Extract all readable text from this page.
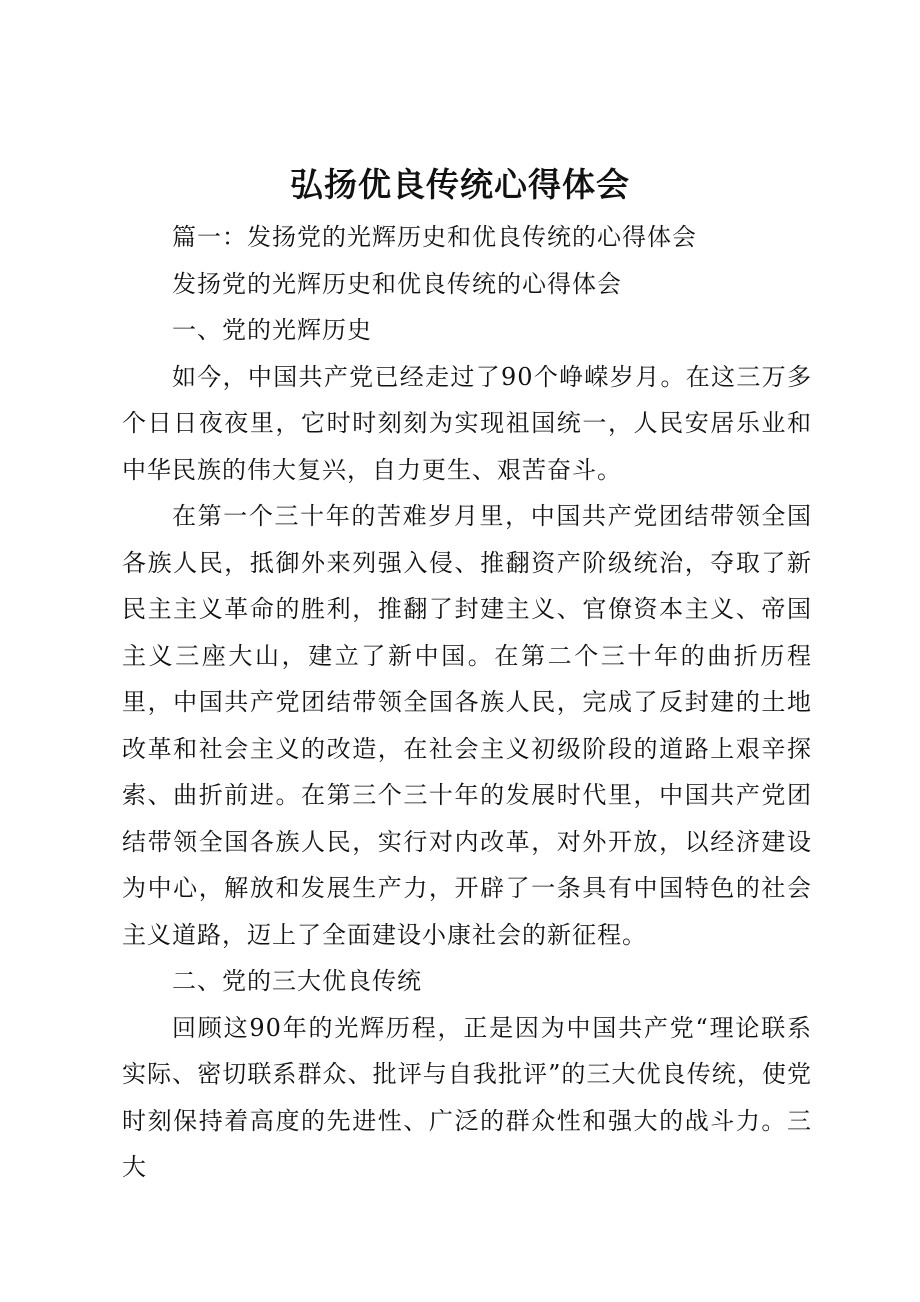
弘扬优良传统心得体会

篇一：发扬党的光辉历史和优良传统的心得体会

发扬党的光辉历史和优良传统的心得体会

一、党的光辉历史

如今，中国共产党已经走过了90个峥嵘岁月。在这三万多个日日夜夜里，它时时刻刻为实现祖国统一，人民安居乐业和中华民族的伟大复兴，自力更生、艰苦奋斗。

在第一个三十年的苦难岁月里，中国共产党团结带领全国各族人民，抵御外来列强入侵、推翻资产阶级统治，夺取了新民主主义革命的胜利，推翻了封建主义、官僚资本主义、帝国主义三座大山，建立了新中国。在第二个三十年的曲折历程里，中国共产党团结带领全国各族人民，完成了反封建的土地改革和社会主义的改造，在社会主义初级阶段的道路上艰辛探索、曲折前进。在第三个三十年的发展时代里，中国共产党团结带领全国各族人民，实行对内改革，对外开放，以经济建设为中心，解放和发展生产力，开辟了一条具有中国特色的社会主义道路，迈上了全面建设小康社会的新征程。

二、党的三大优良传统

回顾这90年的光辉历程，正是因为中国共产党“理论联系实际、密切联系群众、批评与自我批评”的三大优良传统，使党时刻保持着高度的先进性、广泛的群众性和强大的战斗力。三大
